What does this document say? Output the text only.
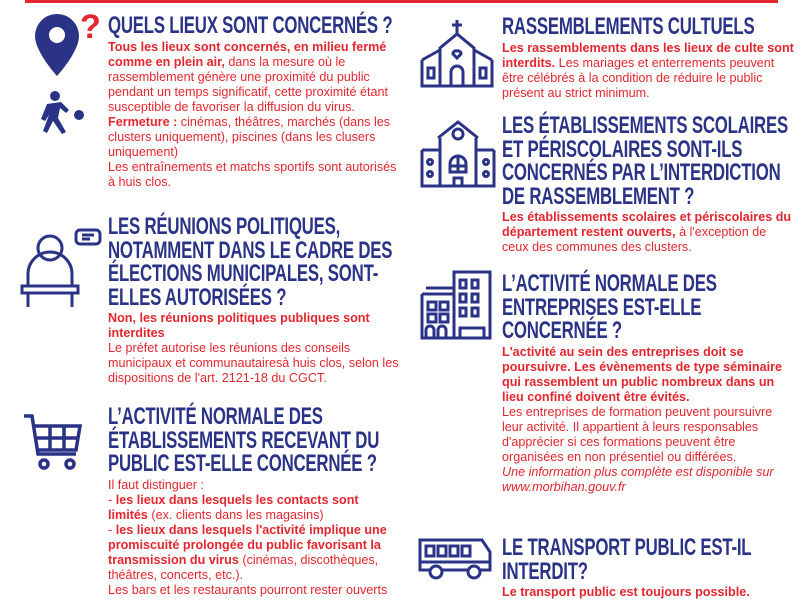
? QUELS LIEUX SONT CONCERNÉS ?

Tous les lieux sont concernés, en milieu fermé comme en plein air, dans la mesure où le rassemblement génère une proximité du public pendant un temps significatif, cette proximité étant susceptible de favoriser la diffusion du virus.

Fermeture : cinémas, théâtres, marchés (dans les clusters uniquement), piscines (dans les clusers uniquement)

Les entraînements et matchs sportifs sont autorisés à huis clos.

LES RÉUNIONS POLITIQUES, NOTAMMENT DANS LE CADRE DES ÉLECTIONS MUNICIPALES, SONT-ELLES AUTORISÉES ?

Non, les réunions politiques publiques sont interdites

Le préfet autorise les réunions des conseils municipaux et communautairesà huis clos, selon les dispositions de l'art. 2121-18 du CGCT.

L’ACTIVITÉ NORMALE DES ÉTABLISSEMENTS RECEVANT DU PUBLIC EST-ELLE CONCERNÉE ?

Il faut distinguer :

- les lieux dans lesquels les contacts sont limités (ex. clients dans les magasins)

- les lieux dans lesquels l'activité implique une promiscuité prolongée du public favorisant la transmission du virus (cinémas, discothèques, théâtres, concerts, etc.).

Les bars et les restaurants pourront rester ouverts

RASSEMBLEMENTS CULTUELS

Les rassemblements dans les lieux de culte sont interdits. Les mariages et enterrements peuvent être célébrés à la condition de réduire le public présent au strict minimum.

LES ÉTABLISSEMENTS SCOLAIRES ET PÉRISCOLAIRES SONT-ILS CONCERNÉS PAR L’INTERDICTION DE RASSEMBLEMENT ?

Les établissements scolaires et périscolaires du département restent ouverts, à l'exception de ceux des communes des clusters.

L’ACTIVITÉ NORMALE DES ENTREPRISES EST-ELLE CONCERNÉE ?

L'activité au sein des entreprises doit se poursuivre. Les évènements de type séminaire qui rassemblent un public nombreux dans un lieu confiné doivent être évités.

Les entreprises de formation peuvent poursuivre leur activité. Il appartient à leurs responsables d'apprécier si ces formations peuvent être organisées en non présentiel ou différées.

Une information plus complète est disponible sur www.morbihan.gouv.fr

LE TRANSPORT PUBLIC EST-IL INTERDIT?

Le transport public est toujours possible.
